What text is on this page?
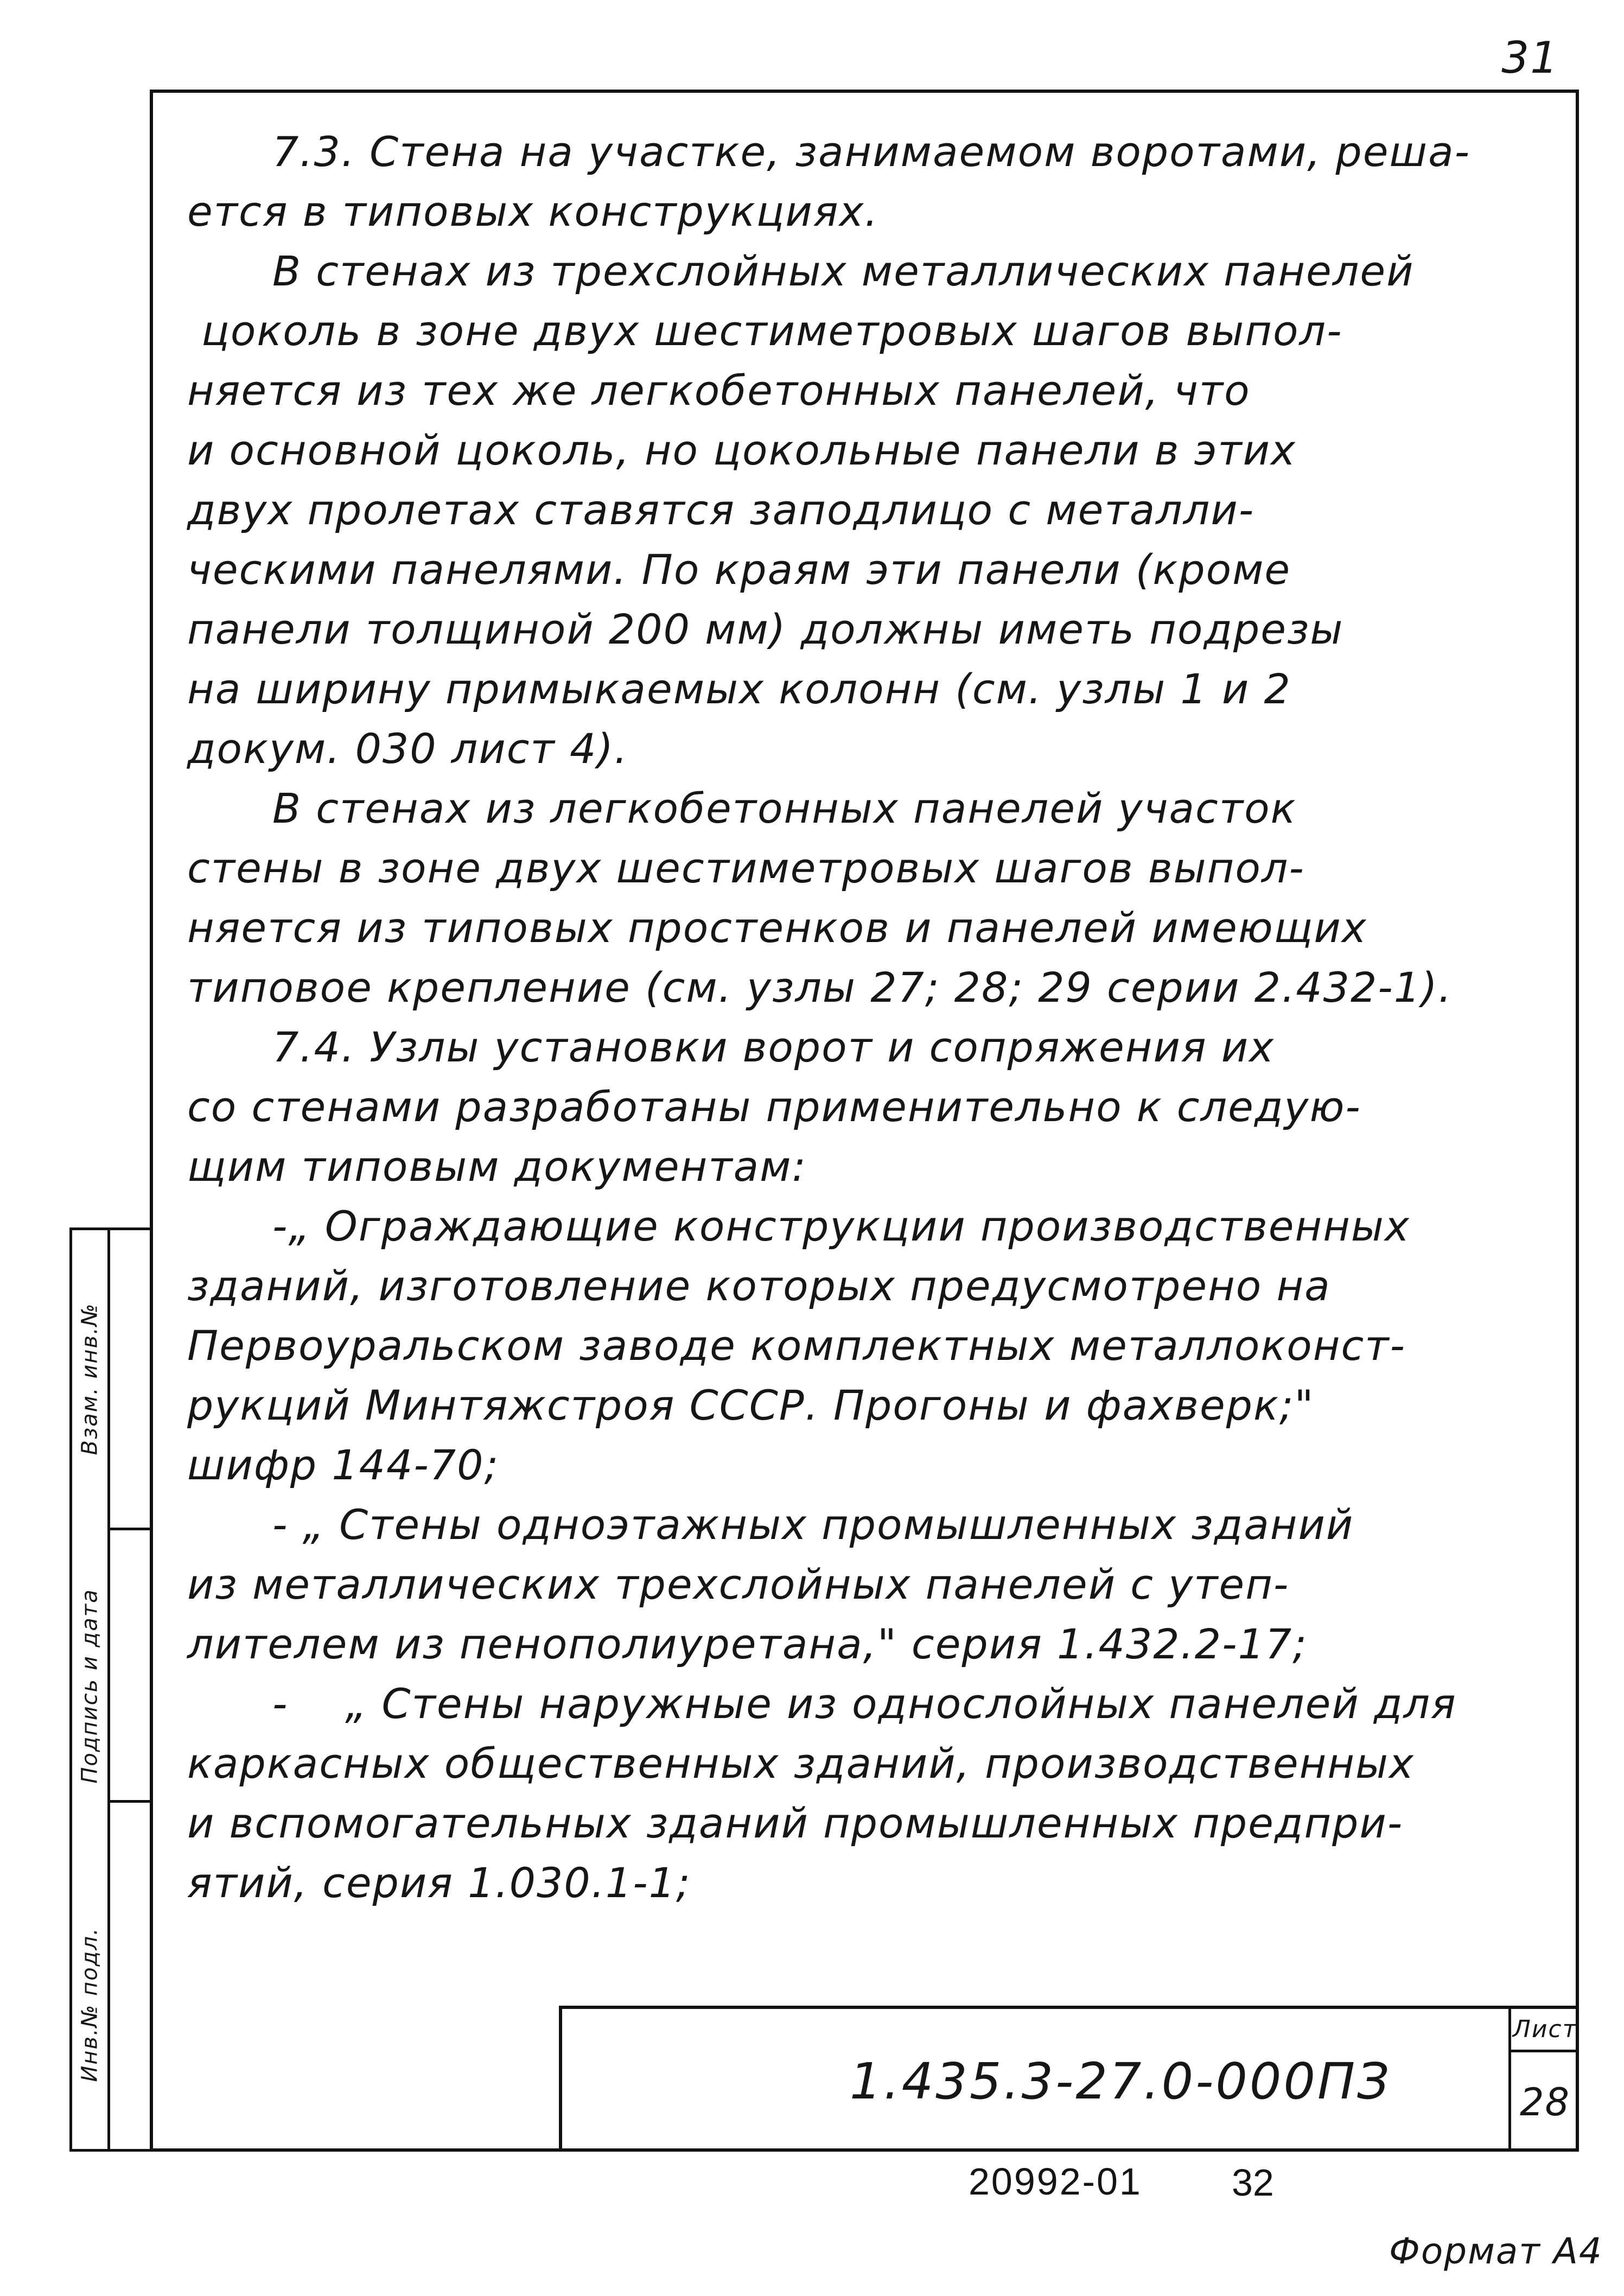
31
Инв.№ подл.
Подпись и дата
Взам. инв.№

7.3. Стена на участке, занимаемом воротами, реша-

ется в типовых конструкциях.

В стенах из трехслойных металлических панелей

цоколь в зоне двух шестиметровых шагов выпол-

няется из тех же легкобетонных панелей, что

и основной цоколь, но цокольные панели в этих

двух пролетах ставятся заподлицо с металли-

ческими панелями. По краям эти панели (кроме

панели толщиной 200 мм) должны иметь подрезы

на ширину примыкаемых колонн (см. узлы 1 и 2

докум. 030 лист 4).

В стенах из легкобетонных панелей участок

стены в зоне двух шестиметровых шагов выпол-

няется из типовых простенков и панелей имеющих

типовое крепление (см. узлы 27; 28; 29 серии 2.432-1).

7.4. Узлы установки ворот и сопряжения их

со стенами разработаны применительно к следую-

щим типовым документам:

-„ Ограждающие конструкции производственных

зданий, изготовление которых предусмотрено на

Первоуральском заводе комплектных металлоконст-

рукций Минтяжстроя СССР. Прогоны и фахверк;"

шифр 144-70;

- „ Стены одноэтажных промышленных зданий

из металлических трехслойных панелей с утеп-

лителем из пенополиуретана," серия 1.432.2-17;

-    „ Стены наружные из однослойных панелей для

каркасных общественных зданий, производственных

и вспомогательных зданий промышленных предпри-

ятий, серия 1.030.1-1;

1.435.3-27.0-000ПЗ
Лист
28
20992-01 32
Формат А4
